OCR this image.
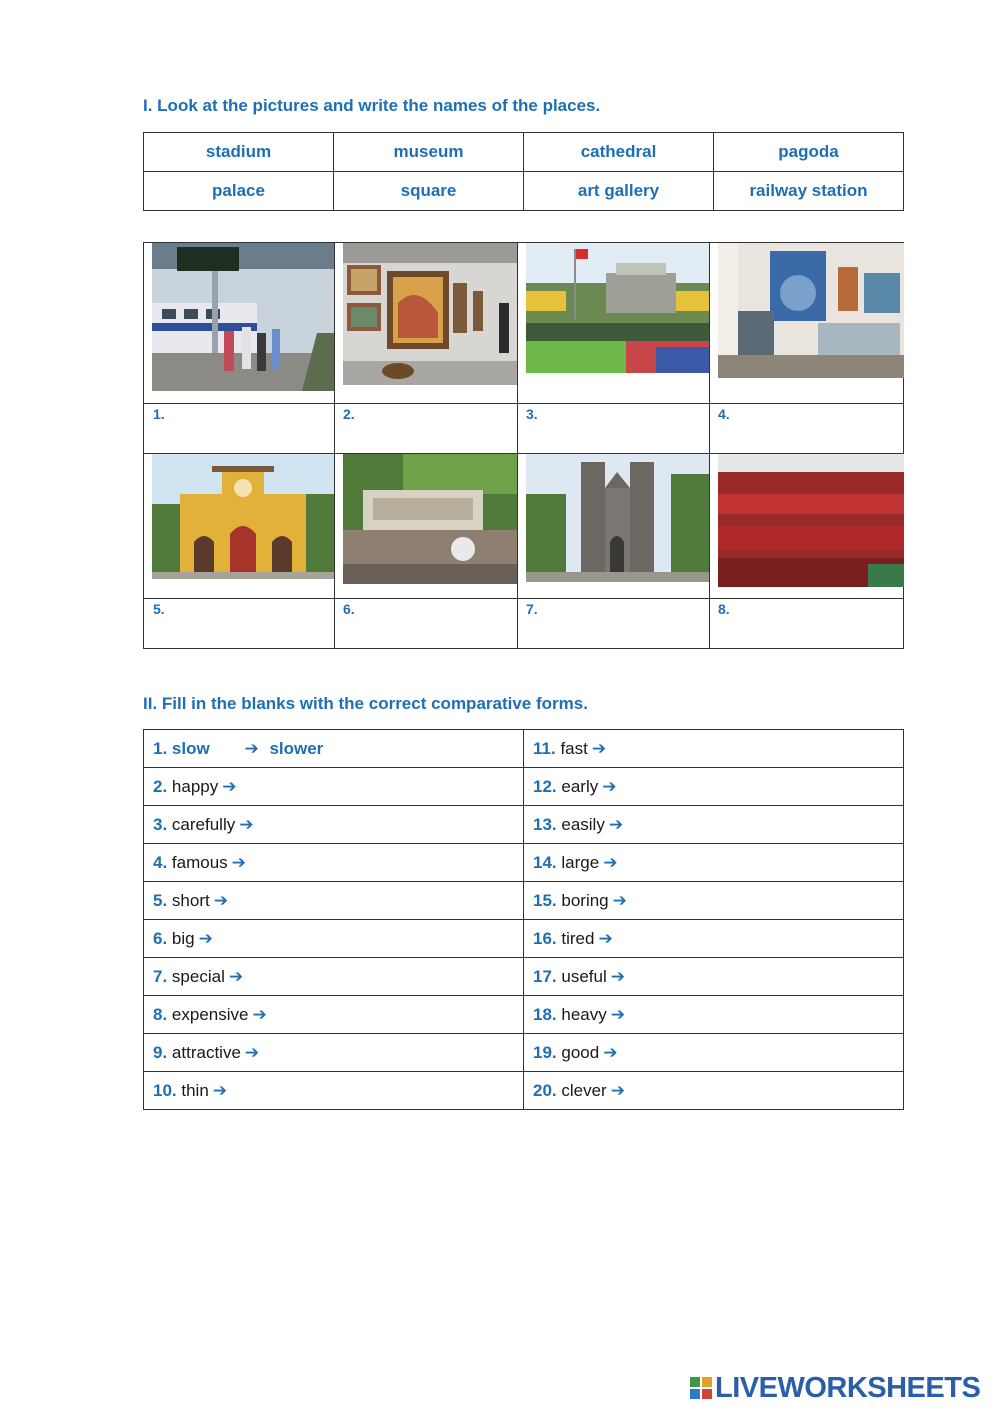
I. Look at the pictures and write the names of the places.
stadium	museum	cathedral	pagoda
palace	square	art gallery	railway station
1.	2.	3.	4.
5.	6.	7.	8.
II. Fill in the blanks with the correct comparative forms.
1. slow ➔ slower	11. fast ➔
2. happy ➔	12. early ➔
3. carefully ➔	13. easily ➔
4. famous ➔	14. large ➔
5. short ➔	15. boring ➔
6. big ➔	16. tired ➔
7. special ➔	17. useful ➔
8. expensive ➔	18. heavy ➔
9. attractive ➔	19. good ➔
10. thin ➔	20. clever ➔
LIVEWORKSHEETS
